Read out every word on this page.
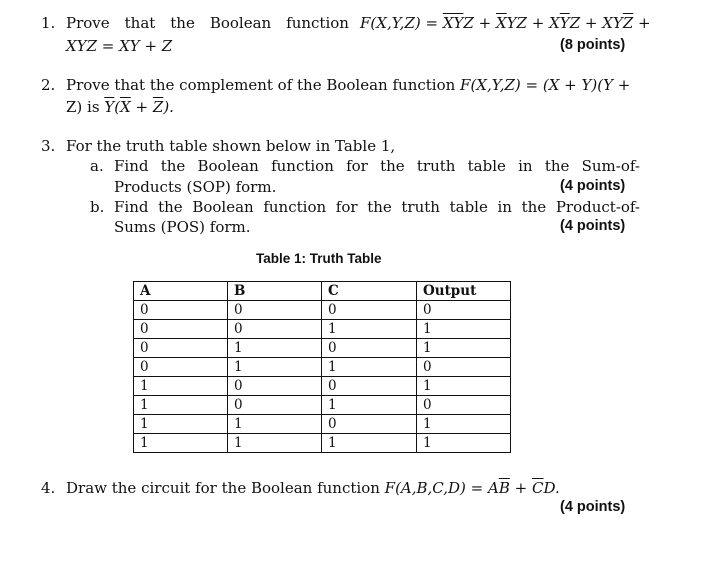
1. Prove that the Boolean function $F(X,Y,Z) = \overline{XY}Z + \overline{X}YZ + X\overline{Y}Z + XY\overline{Z}$ +
XYZ = XY + Z	(8 points)
2. Prove that the complement of the Boolean function F(X,Y,Z) = (X + Y)(Y +
Z) is $\overline{Y}(\overline{X} + \overline{Z})$.
3. For the truth table shown below in Table 1,
a. Find the Boolean function for the truth table in the Sum-of-
Products (SOP) form.	(4 points)
b. Find the Boolean function for the truth table in the Product-of-
Sums (POS) form.	(4 points)
Table 1: Truth Table
A	B	C	Output
0	0	0	0
0	0	1	1
0	1	0	1
0	1	1	0
1	0	0	1
1	0	1	0
1	1	0	1
1	1	1	1
4. Draw the circuit for the Boolean function $F(A,B,C,D) = A\overline{B} + \overline{C}D$.
(4 points)
